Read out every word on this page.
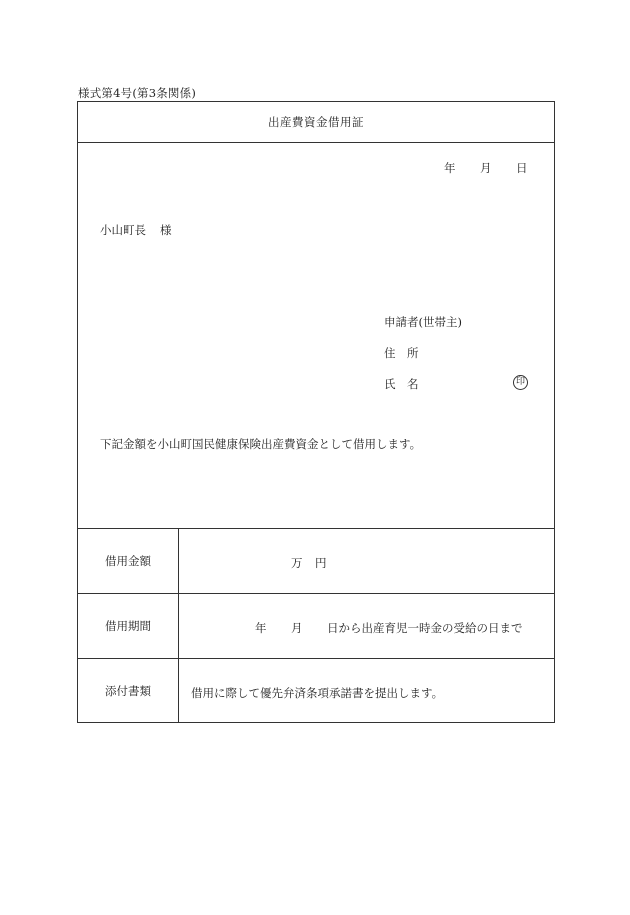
様式第4号(第3条関係)
出産費資金借用証
年 月 日
小山町長 様
申請者(世帯主)
住　所
氏　名	印
下記金額を小山町国民健康保険出産費資金として借用します。
借用金額	万 円
借用期間	年 月 日から出産育児一時金の受給の日まで
添付書類	借用に際して優先弁済条項承諾書を提出します。
